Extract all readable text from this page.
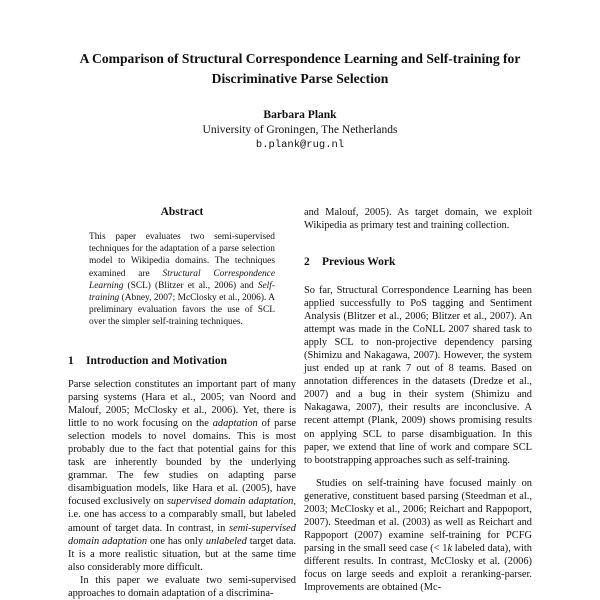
A Comparison of Structural Correspondence Learning and Self-training for
Discriminative Parse Selection
Barbara Plank
University of Groningen, The Netherlands
b.plank@rug.nl
Abstract
This paper evaluates two semi-supervised techniques for the adaptation of a parse selection model to Wikipedia domains. The techniques examined are Structural Correspondence Learning (SCL) (Blitzer et al., 2006) and Self-training (Abney, 2007; McClosky et al., 2006). A preliminary evaluation favors the use of SCL over the simpler self-training techniques.
1 Introduction and Motivation

Parse selection constitutes an important part of many parsing systems (Hara et al., 2005; van Noord and Malouf, 2005; McClosky et al., 2006). Yet, there is little to no work focusing on the adaptation of parse selection models to novel domains. This is most probably due to the fact that potential gains for this task are inherently bounded by the underlying grammar. The few studies on adapting parse disambiguation models, like Hara et al. (2005), have focused exclusively on supervised domain adaptation, i.e. one has access to a comparably small, but labeled amount of target data. In contrast, in semi-supervised domain adaptation one has only unlabeled target data. It is a more realistic situation, but at the same time also considerably more difficult.

In this paper we evaluate two semi-supervised approaches to domain adaptation of a discrimina-

and Malouf, 2005). As target domain, we exploit Wikipedia as primary test and training collection.

2 Previous Work

So far, Structural Correspondence Learning has been applied successfully to PoS tagging and Sentiment Analysis (Blitzer et al., 2006; Blitzer et al., 2007). An attempt was made in the CoNLL 2007 shared task to apply SCL to non-projective dependency parsing (Shimizu and Nakagawa, 2007). However, the system just ended up at rank 7 out of 8 teams. Based on annotation differences in the datasets (Dredze et al., 2007) and a bug in their system (Shimizu and Nakagawa, 2007), their results are inconclusive. A recent attempt (Plank, 2009) shows promising results on applying SCL to parse disambiguation. In this paper, we extend that line of work and compare SCL to bootstrapping approaches such as self-training.

Studies on self-training have focused mainly on generative, constituent based parsing (Steedman et al., 2003; McClosky et al., 2006; Reichart and Rappoport, 2007). Steedman et al. (2003) as well as Reichart and Rappoport (2007) examine self-training for PCFG parsing in the small seed case (< 1k labeled data), with different results. In contrast, McClosky et al. (2006) focus on large seeds and exploit a reranking-parser. Improvements are obtained (Mc-
